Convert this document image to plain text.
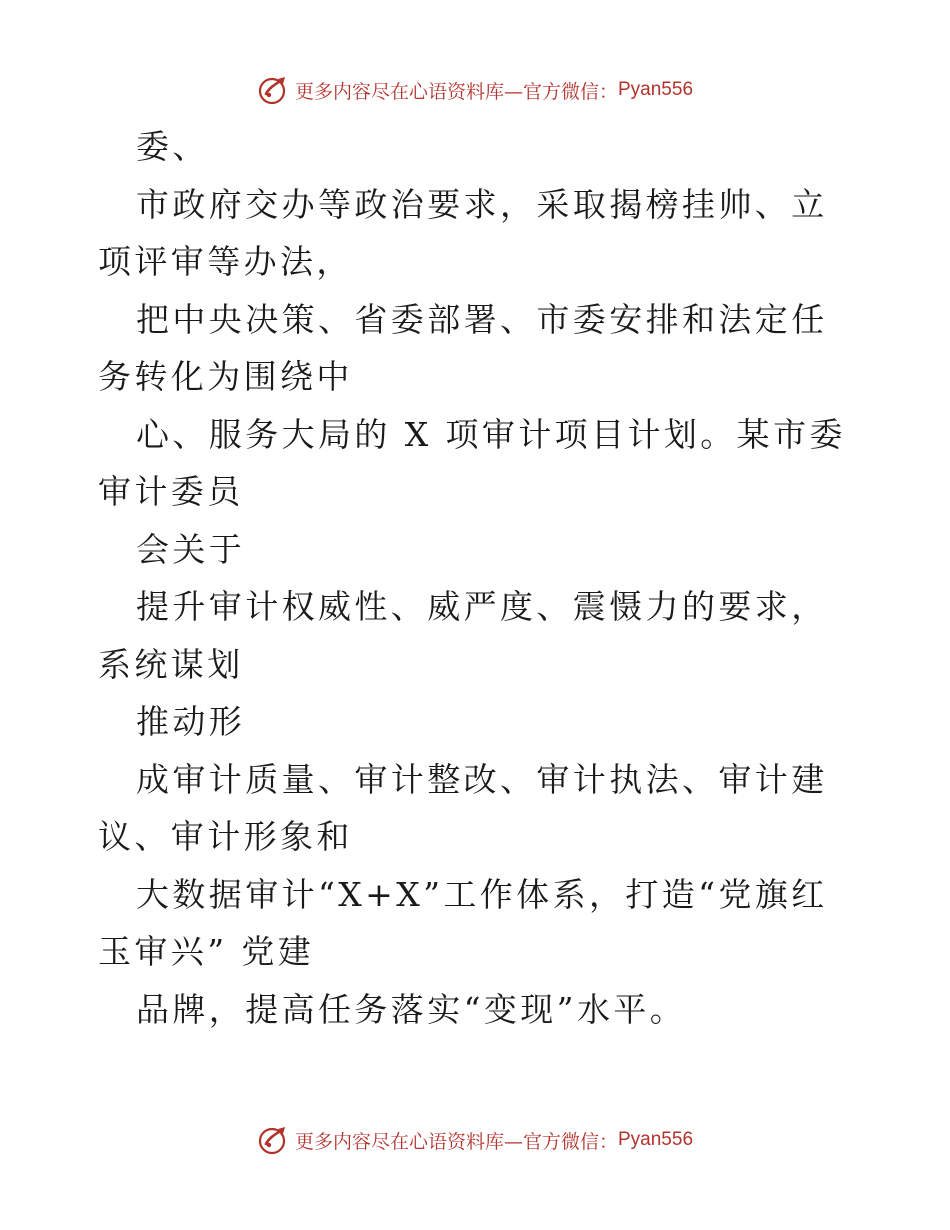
更多内容尽在心语资料库—官方微信： Pyan556

委、

市政府交办等政治要求，采取揭榜挂帅、立项评审等办法，

把中央决策、省委部署、市委安排和法定任务转化为围绕中

心、服务大局的 X 项审计项目计划。某市委审计委员

会关于

提升审计权威性、威严度、震慑力的要求，系统谋划

推动形

成审计质量、审计整改、审计执法、审计建议、审计形象和

大数据审计“X+X”工作体系，打造“党旗红 玉审兴” 党建

品牌，提高任务落实“变现”水平。

更多内容尽在心语资料库—官方微信： Pyan556
